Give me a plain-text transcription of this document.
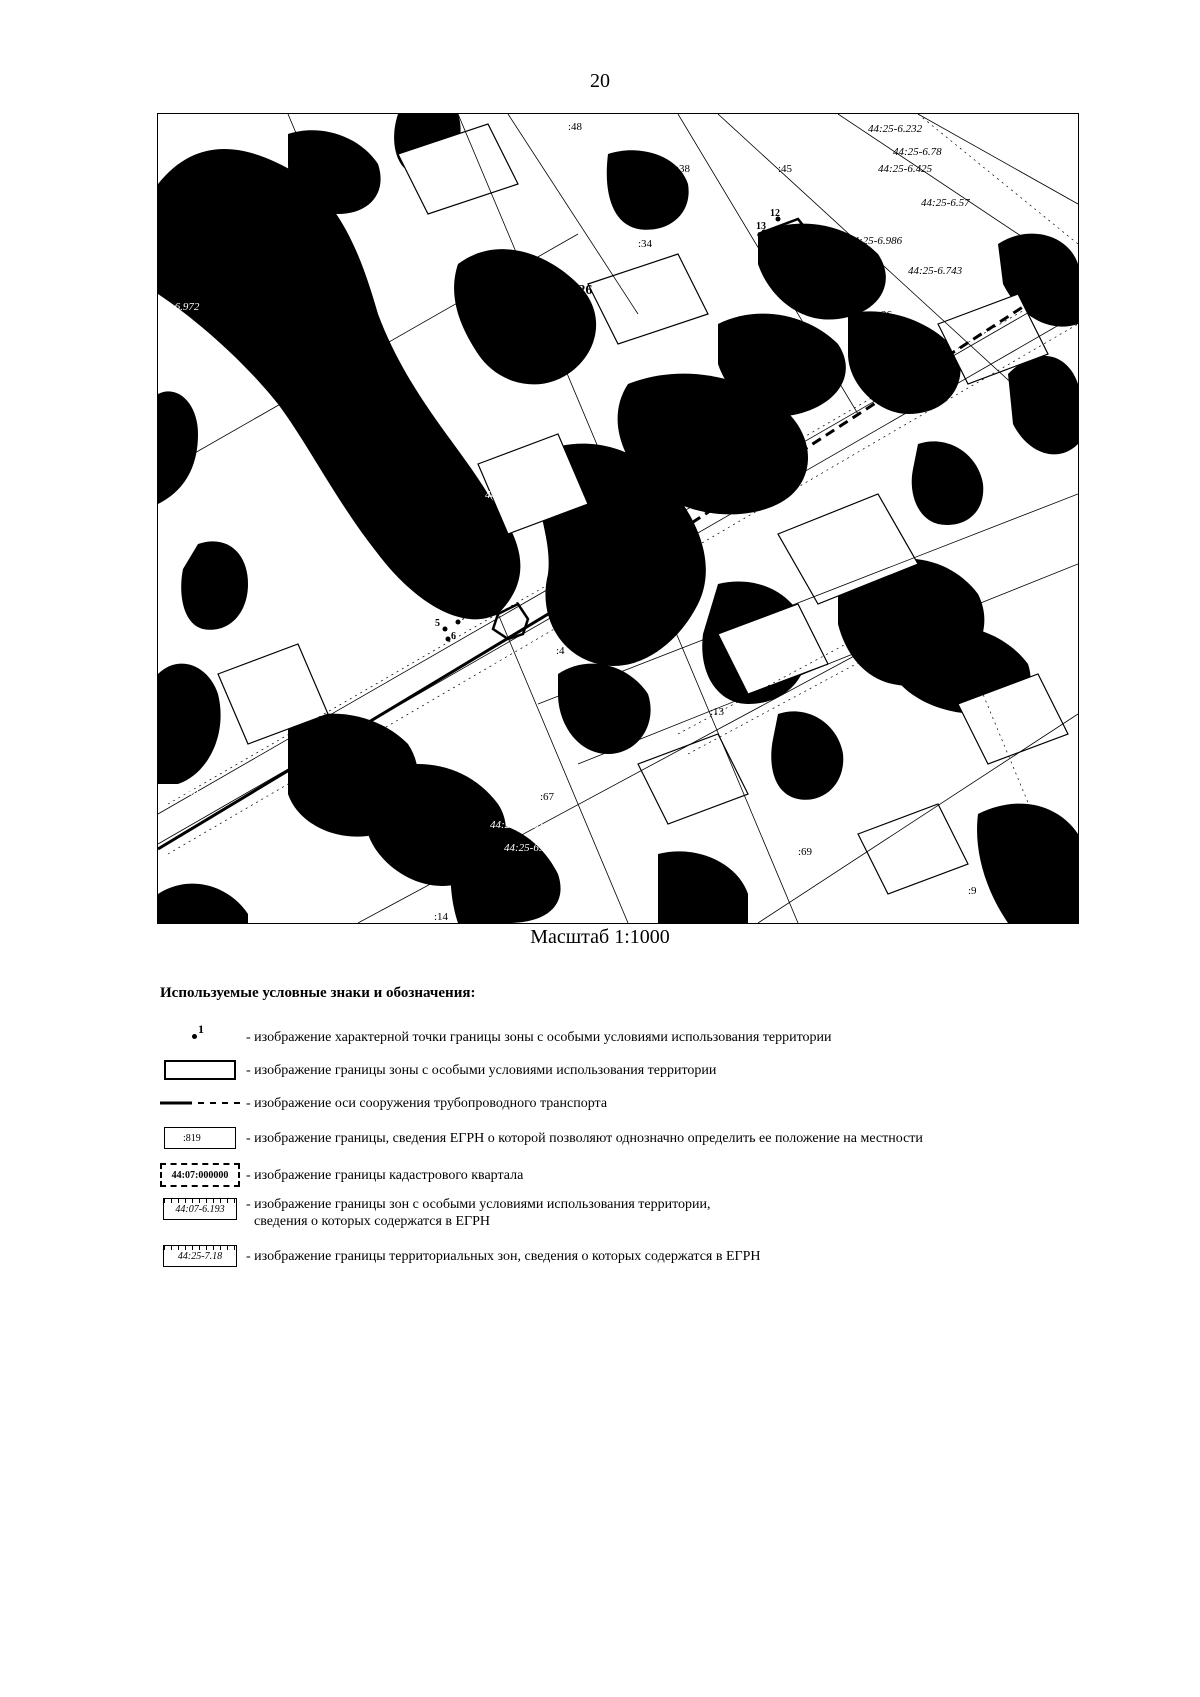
20
44:25:030526
44:25:030500
:48
:38	:45
:34
:103
:40
:33
:26
:15
:61
:5
:4
:117
:13
:67
:69
:52
:14
:9
44:25-6.232
44:25-6.78
44:25-6.425
44:25-6.57
44:25-6.986
44:25-6.743
25-6.972
44:25-6.427
44:25-6.7
44:25-6.501
44:25-6.27
12
13
11	10
14
15
9
16
2
3 1
4
8
7
5
6
Масштаб 1:1000
Используемые условные знаки и обозначения:
1
- изображение характерной точки границы зоны с особыми условиями использования территории
- изображение границы зоны с особыми условиями использования территории
- изображение оси сооружения трубопроводного транспорта
:819	- изображение границы, сведения ЕГРН о которой позволяют однозначно определить ее положение на местности
44:07:000000	- изображение границы кадастрового квартала
44:07-6.193 - изображение границы зон с особыми условиями использования территории,
сведения о которых содержатся в ЕГРН
44:25-7.18 - изображение границы территориальных зон, сведения о которых содержатся в ЕГРН
